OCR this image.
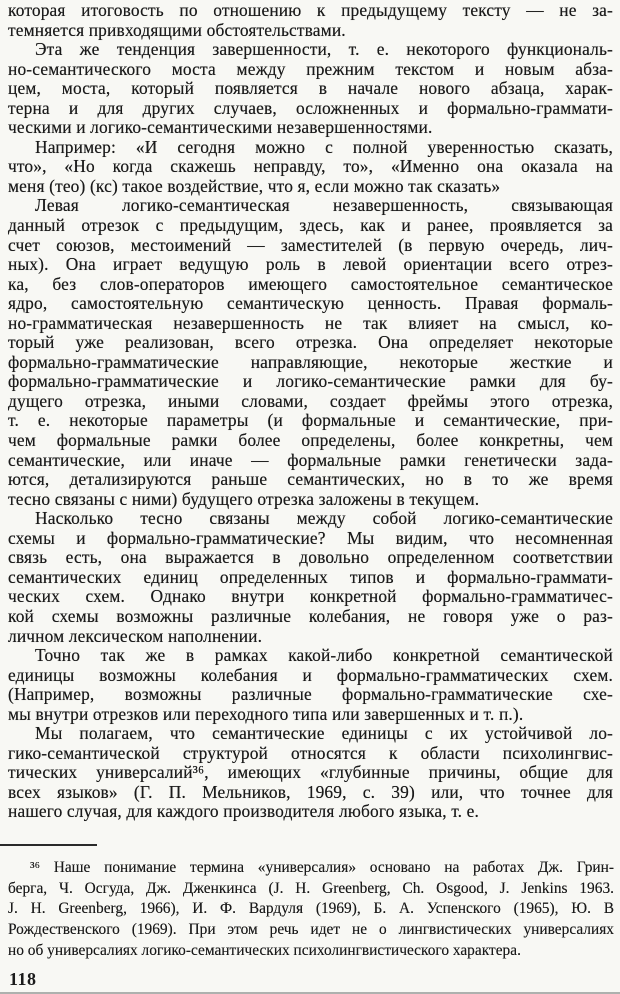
которая итоговость по отношению к предыдущему тексту — не за-
темняется привходящими обстоятельствами.

Эта же тенденция завершенности, т. е. некоторого функциональ-
но-семантического моста между прежним текстом и новым абза-
цем, моста, который появляется в начале нового абзаца, харак-
терна и для других случаев, осложненных и формально-граммати-
ческими и логико-семантическими незавершенностями.

Например: «И сегодня можно с полной уверенностью сказать,
что», «Но когда скажешь неправду, то», «Именно она оказала на
меня (тео) (кс) такое воздействие, что я, если можно так сказать»

Левая логико-семантическая незавершенность, связывающая
данный отрезок с предыдущим, здесь, как и ранее, проявляется за
счет союзов, местоимений — заместителей (в первую очередь, лич-
ных). Она играет ведущую роль в левой ориентации всего отрез-
ка, без слов-операторов имеющего самостоятельное семантическое
ядро, самостоятельную семантическую ценность. Правая формаль-
но-грамматическая незавершенность не так влияет на смысл, ко-
торый уже реализован, всего отрезка. Она определяет некоторые
формально-грамматические направляющие, некоторые жесткие и
формально-грамматические и логико-семантические рамки для бу-
дущего отрезка, иными словами, создает фреймы этого отрезка,
т. е. некоторые параметры (и формальные и семантические, при-
чем формальные рамки более определены, более конкретны, чем
семантические, или иначе — формальные рамки генетически зада-
ются, детализируются раньше семантических, но в то же время
тесно связаны с ними) будущего отрезка заложены в текущем.

Насколько тесно связаны между собой логико-семантические
схемы и формально-грамматические? Мы видим, что несомненная
связь есть, она выражается в довольно определенном соответствии
семантических единиц определенных типов и формально-граммати-
ческих схем. Однако внутри конкретной формально-грамматичес-
кой схемы возможны различные колебания, не говоря уже о раз-
личном лексическом наполнении.

Точно так же в рамках какой-либо конкретной семантической
единицы возможны колебания и формально-грамматических схем.
(Например, возможны различные формально-грамматические схе-
мы внутри отрезков или переходного типа или завершенных и т. п.).

Мы полагаем, что семантические единицы с их устойчивой ло-
гико-семантической структурой относятся к области психолингвис-
тических универсалий³⁶, имеющих «глубинные причины, общие для
всех языков» (Г. П. Мельников, 1969, с. 39) или, что точнее для
нашего случая, для каждого производителя любого языка, т. е.

³⁶ Наше понимание термина «универсалия» основано на работах Дж. Грин-
берга, Ч. Осгуда, Дж. Дженкинса (J. H. Greenberg, Ch. Osgood, J. Jenkins 1963.
J. H. Greenberg, 1966), И. Ф. Вардуля (1969), Б. А. Успенского (1965), Ю. В
Рождественского (1969). При этом речь идет не о лингвистических универсалиях
но об универсалиях логико-семантических психолингвистического характера.

118
